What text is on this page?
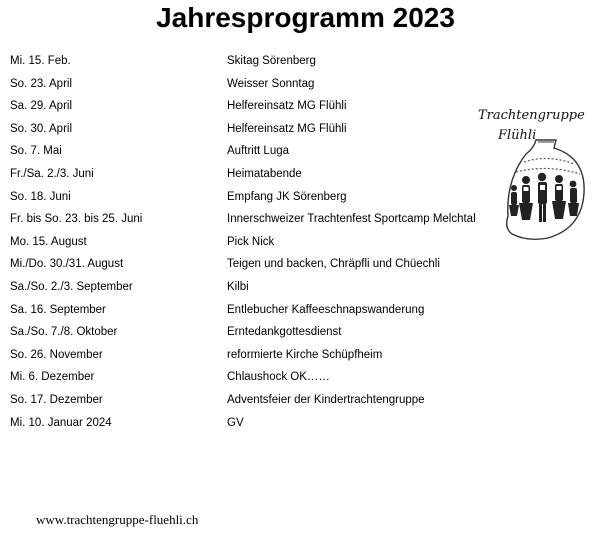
Jahresprogramm 2023
Mi. 15. Feb.	Skitag Sörenberg
So. 23. April	Weisser Sonntag
Sa. 29. April	Helfereinsatz MG Flühli
So. 30. April	Helfereinsatz MG Flühli
So. 7. Mai	Auftritt Luga
Fr./Sa. 2./3. Juni	Heimatabende
So. 18. Juni	Empfang JK Sörenberg
Fr. bis So. 23. bis 25. Juni	Innerschweizer Trachtenfest Sportcamp Melchtal
Mo. 15. August	Pick Nick
Mi./Do. 30./31. August	Teigen und backen, Chräpfli und Chüechli
Sa./So. 2./3. September	Kilbi
Sa. 16. September	Entlebucher Kaffeeschnapswanderung
Sa./So. 7./8. Oktober	Erntedankgottesdienst
So. 26. November	reformierte Kirche Schüpfheim
Mi. 6. Dezember	Chlaushock OK……
So. 17. Dezember	Adventsfeier der Kindertrachtengruppe
Mi. 10. Januar 2024	GV
Trachtengruppe
Flühli
www.trachtengruppe-fluehli.ch
